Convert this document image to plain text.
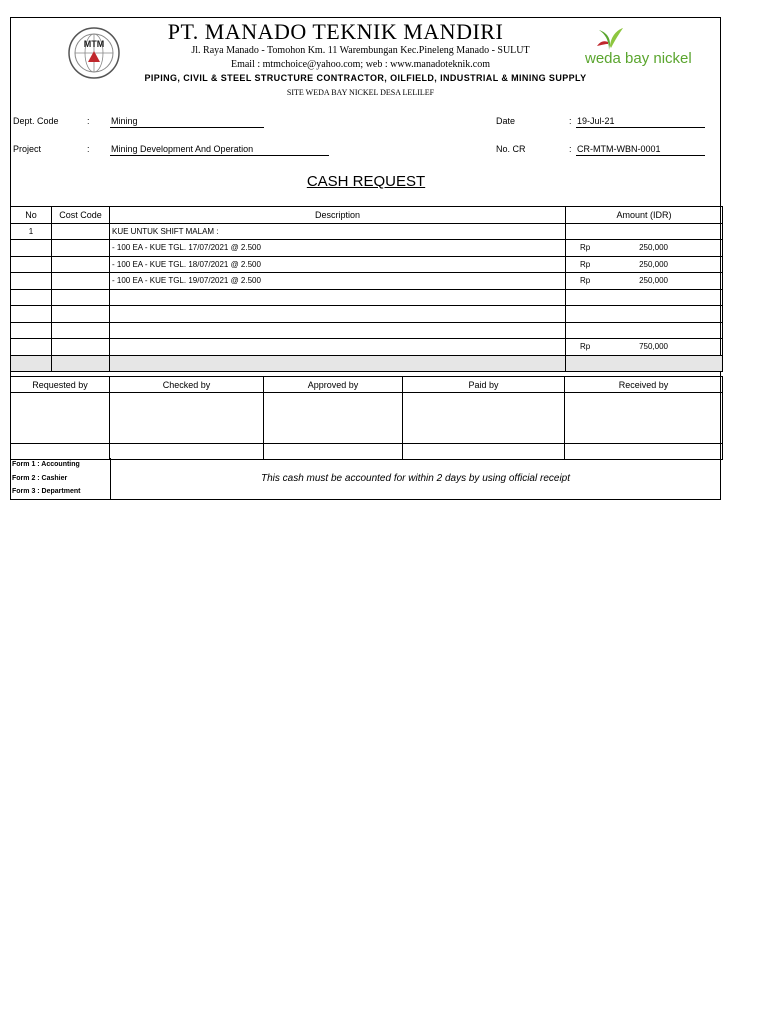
MTM
weda bay nickel
PT. MANADO TEKNIK MANDIRI
Jl. Raya Manado - Tomohon Km. 11 Warembungan Kec.Pineleng Manado - SULUT
Email : mtmchoice@yahoo.com; web : www.manadoteknik.com
PIPING, CIVIL & STEEL STRUCTURE CONTRACTOR, OILFIELD, INDUSTRIAL & MINING SUPPLY
SITE WEDA BAY NICKEL DESA LELILEF
Dept. Code	: Mining
Project	: Mining Development And Operation
Date	: 19-Jul-21
No. CR	: CR-MTM-WBN-0001
CASH REQUEST
No	Cost Code	Description	Amount (IDR)
1		KUE UNTUK SHIFT MALAM :	
		- 100 EA - KUE TGL. 17/07/2021 @ 2.500	Rp 250,000
		- 100 EA - KUE TGL. 18/07/2021 @ 2.500	Rp 250,000
		- 100 EA - KUE TGL. 19/07/2021 @ 2.500	Rp 250,000

			Rp 750,000

Requested by	Checked by	Approved by	Paid by	Received by

Form 1 : Accounting
Form 2 : Cashier
Form 3 : Department
This cash must be accounted for within 2 days by using official receipt
